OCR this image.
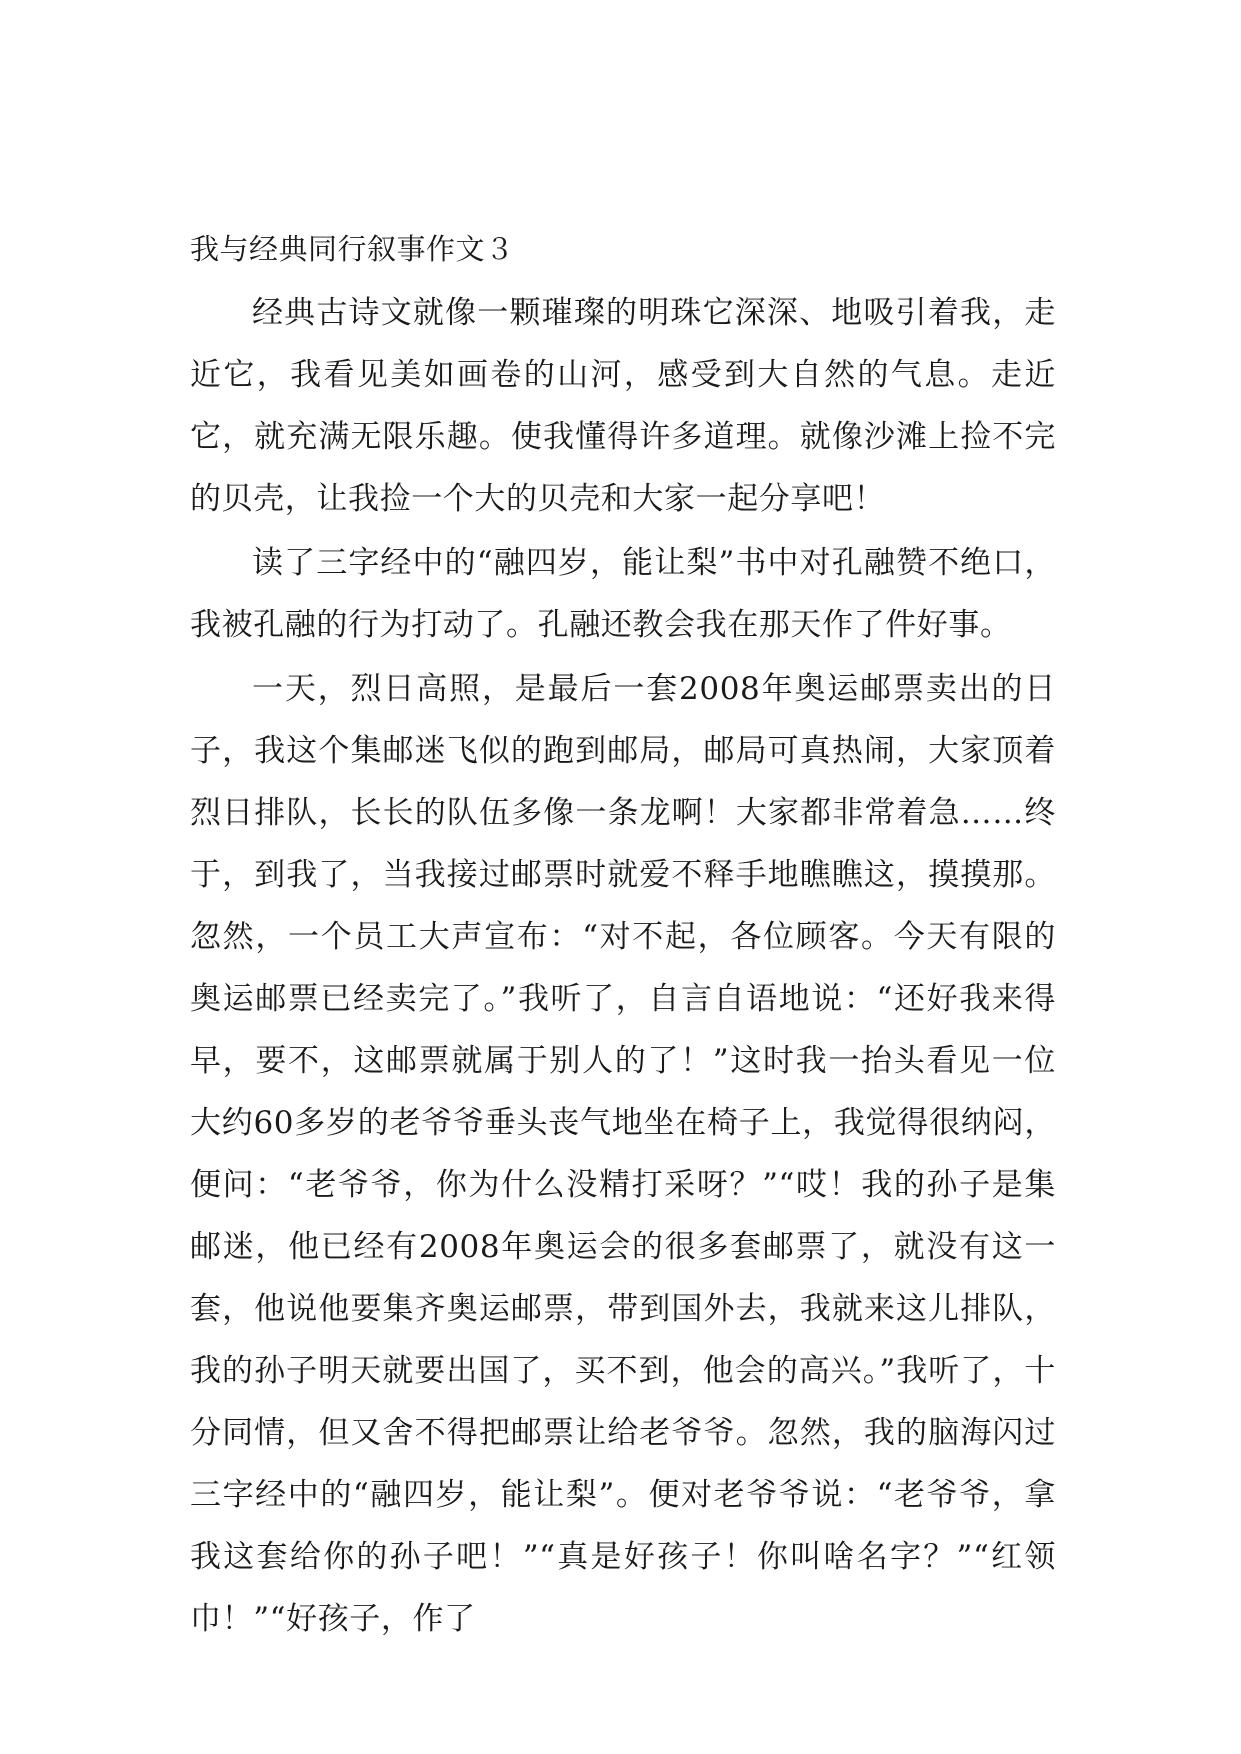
我与经典同行叙事作文３

经典古诗文就像一颗璀璨的明珠它深深、地吸引着我，走近它，我看见美如画卷的山河，感受到大自然的气息。走近它，就充满无限乐趣。使我懂得许多道理。就像沙滩上捡不完的贝壳，让我捡一个大的贝壳和大家一起分享吧！

读了三字经中的“融四岁，能让梨”书中对孔融赞不绝口，我被孔融的行为打动了。孔融还教会我在那天作了件好事。

一天，烈日高照，是最后一套2008年奥运邮票卖出的日子，我这个集邮迷飞似的跑到邮局，邮局可真热闹，大家顶着烈日排队，长长的队伍多像一条龙啊！大家都非常着急……终于，到我了，当我接过邮票时就爱不释手地瞧瞧这，摸摸那。忽然，一个员工大声宣布：“对不起，各位顾客。今天有限的奥运邮票已经卖完了。”我听了，自言自语地说：“还好我来得早，要不，这邮票就属于别人的了！”这时我一抬头看见一位大约60多岁的老爷爷垂头丧气地坐在椅子上，我觉得很纳闷，便问：“老爷爷，你为什么没精打采呀？”“哎！我的孙子是集邮迷，他已经有2008年奥运会的很多套邮票了，就没有这一套，他说他要集齐奥运邮票，带到国外去，我就来这儿排队，我的孙子明天就要出国了，买不到，他会的高兴。”我听了，十分同情，但又舍不得把邮票让给老爷爷。忽然，我的脑海闪过三字经中的“融四岁，能让梨”。便对老爷爷说：“老爷爷，拿我这套给你的孙子吧！”“真是好孩子！你叫啥名字？”“红领巾！”“好孩子，作了
